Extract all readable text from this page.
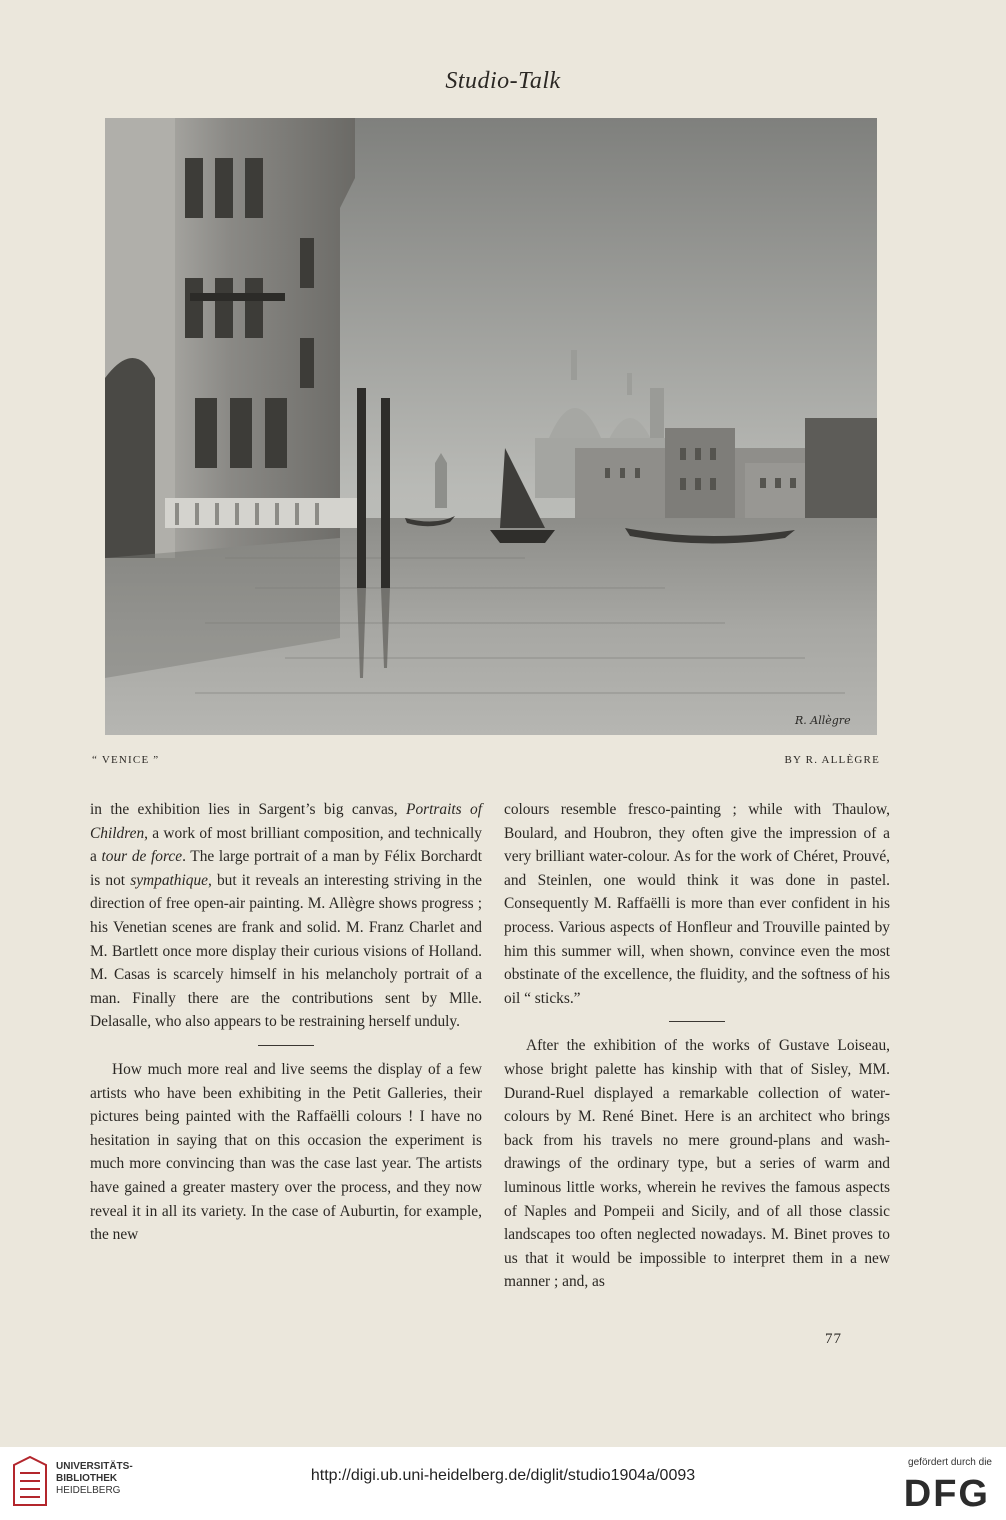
Studio-Talk
R. Allègre
“ VENICE ”	BY R. ALLÈGRE

in the exhibition lies in Sargent’s big canvas, Portraits of Children, a work of most brilliant composition, and technically a tour de force. The large portrait of a man by Félix Borchardt is not sympathique, but it reveals an interesting striving in the direction of free open-air painting. M. Allègre shows progress ; his Venetian scenes are frank and solid. M. Franz Charlet and M. Bartlett once more display their curious visions of Holland. M. Casas is scarcely himself in his melancholy portrait of a man. Finally there are the contributions sent by Mlle. Delasalle, who also appears to be restraining herself unduly.

How much more real and live seems the display of a few artists who have been exhibiting in the Petit Galleries, their pictures being painted with the Raffaëlli colours ! I have no hesitation in saying that on this occasion the experiment is much more convincing than was the case last year. The artists have gained a greater mastery over the process, and they now reveal it in all its variety. In the case of Auburtin, for example, the new

colours resemble fresco-painting ; while with Thaulow, Boulard, and Houbron, they often give the impression of a very brilliant water-colour. As for the work of Chéret, Prouvé, and Steinlen, one would think it was done in pastel. Consequently M. Raffaëlli is more than ever confident in his process. Various aspects of Honfleur and Trouville painted by him this summer will, when shown, convince even the most obstinate of the excellence, the fluidity, and the softness of his oil “ sticks.”

After the exhibition of the works of Gustave Loiseau, whose bright palette has kinship with that of Sisley, MM. Durand-Ruel displayed a remarkable collection of water-colours by M. René Binet. Here is an architect who brings back from his travels no mere ground-plans and wash-drawings of the ordinary type, but a series of warm and luminous little works, wherein he revives the famous aspects of Naples and Pompeii and Sicily, and of all those classic landscapes too often neglected nowadays. M. Binet proves to us that it would be impossible to interpret them in a new manner ; and, as

77
UNIVERSITÄTS-
BIBLIOTHEK
HEIDELBERG
http://digi.ub.uni-heidelberg.de/diglit/studio1904a/0093
gefördert durch die
DFG
